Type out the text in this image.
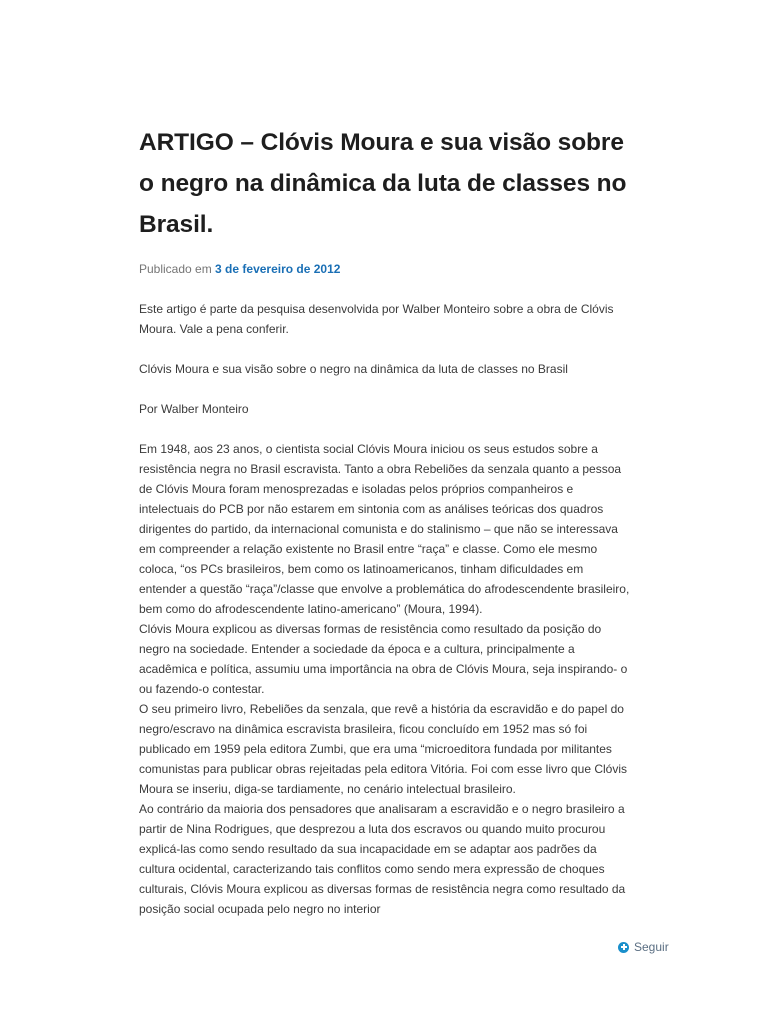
ARTIGO – Clóvis Moura e sua visão sobre o negro na dinâmica da luta de classes no Brasil.
Publicado em 3 de fevereiro de 2012

Este artigo é parte da pesquisa desenvolvida por Walber Monteiro sobre a obra de Clóvis Moura. Vale a pena conferir.

Clóvis Moura e sua visão sobre o negro na dinâmica da luta de classes no Brasil

Por Walber Monteiro

Em 1948, aos 23 anos, o cientista social Clóvis Moura iniciou os seus estudos sobre a resistência negra no Brasil escravista. Tanto a obra Rebeliões da senzala quanto a pessoa de Clóvis Moura foram menosprezadas e isoladas pelos próprios companheiros e intelectuais do PCB por não estarem em sintonia com as análises teóricas dos quadros dirigentes do partido, da internacional comunista e do stalinismo – que não se interessava em compreender a relação existente no Brasil entre “raça” e classe. Como ele mesmo coloca, “os PCs brasileiros, bem como os latinoamericanos, tinham dificuldades em entender a questão “raça”/classe que envolve a problemática do afrodescendente brasileiro, bem como do afrodescendente latino-americano” (Moura, 1994).

Clóvis Moura explicou as diversas formas de resistência como resultado da posição do negro na sociedade. Entender a sociedade da época e a cultura, principalmente a acadêmica e política, assumiu uma importância na obra de Clóvis Moura, seja inspirando- o ou fazendo-o contestar.

O seu primeiro livro, Rebeliões da senzala, que revê a história da escravidão e do papel do negro/escravo na dinâmica escravista brasileira, ficou concluído em 1952 mas só foi publicado em 1959 pela editora Zumbi, que era uma “microeditora fundada por militantes comunistas para publicar obras rejeitadas pela editora Vitória. Foi com esse livro que Clóvis Moura se inseriu, diga-se tardiamente, no cenário intelectual brasileiro.

Ao contrário da maioria dos pensadores que analisaram a escravidão e o negro brasileiro a partir de Nina Rodrigues, que desprezou a luta dos escravos ou quando muito procurou explicá-las como sendo resultado da sua incapacidade em se adaptar aos padrões da cultura ocidental, caracterizando tais conflitos como sendo mera expressão de choques culturais, Clóvis Moura explicou as diversas formas de resistência negra como resultado da posição social ocupada pelo negro no interior

Seguir
